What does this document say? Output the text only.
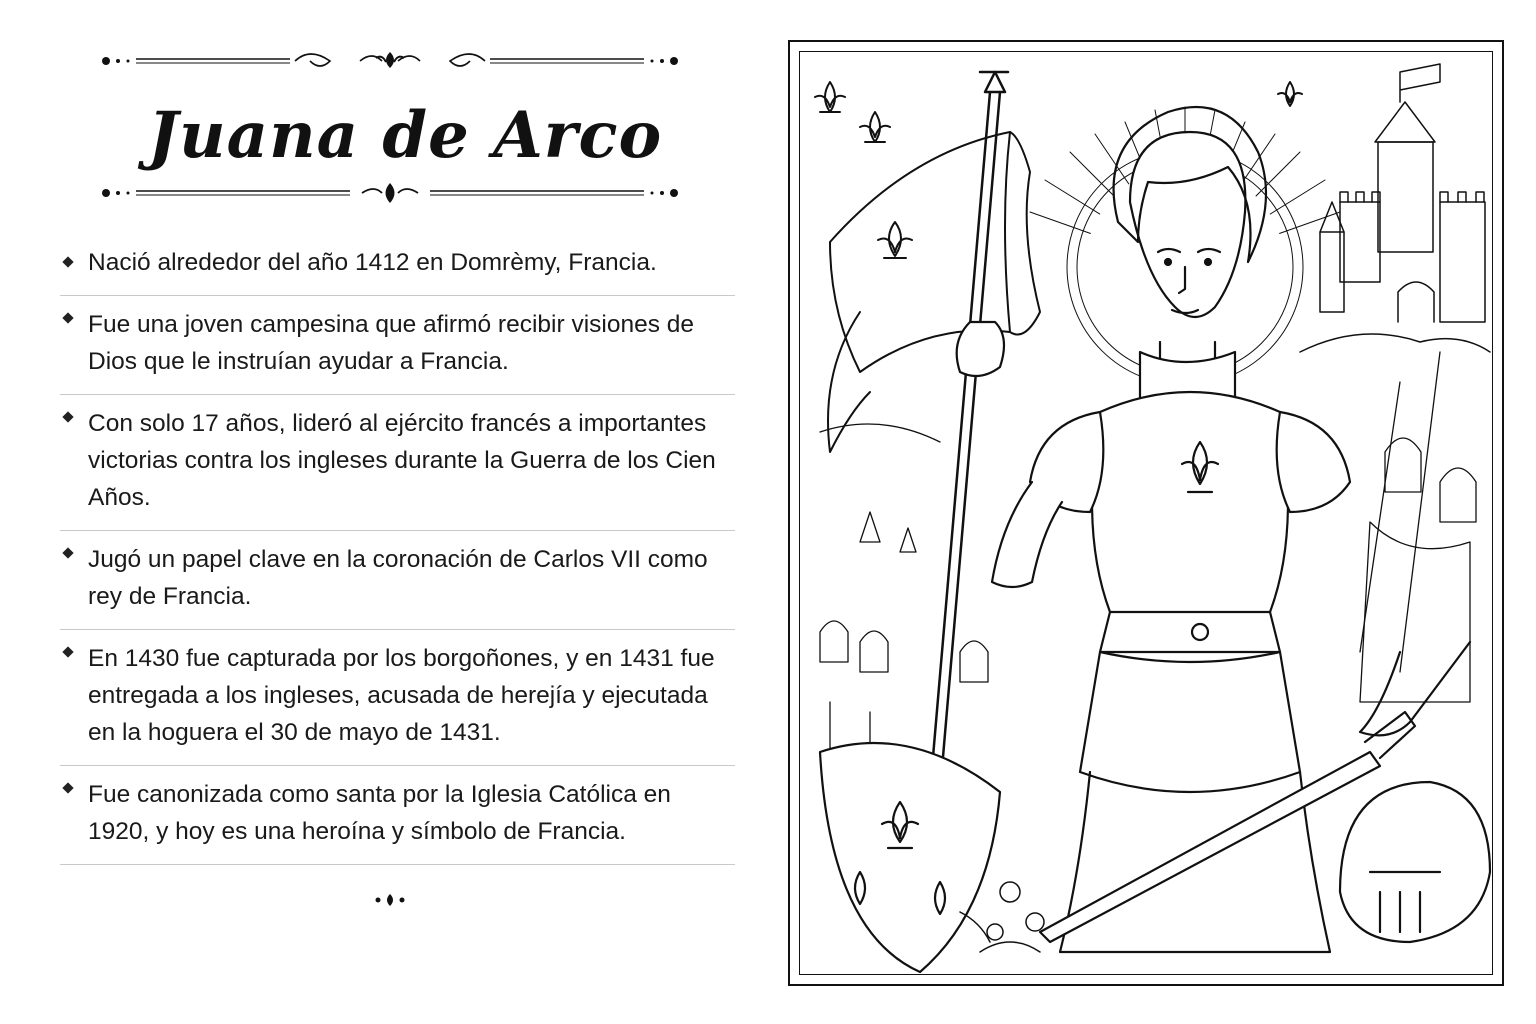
Juana de Arco
Nació alrededor del año 1412 en Domrèmy, Francia.
Fue una joven campesina que afirmó recibir visiones de Dios que le instruían ayudar a Francia.
Con solo 17 años, lideró al ejército francés a importantes victorias contra los ingleses durante la Guerra de los Cien Años.
Jugó un papel clave en la coronación de Carlos VII como rey de Francia.
En 1430 fue capturada por los borgoñones, y en 1431 fue entregada a los ingleses, acusada de herejía y ejecutada en la hoguera el 30 de mayo de 1431.
Fue canonizada como santa por la Iglesia Católica en 1920, y hoy es una heroína y símbolo de Francia.
